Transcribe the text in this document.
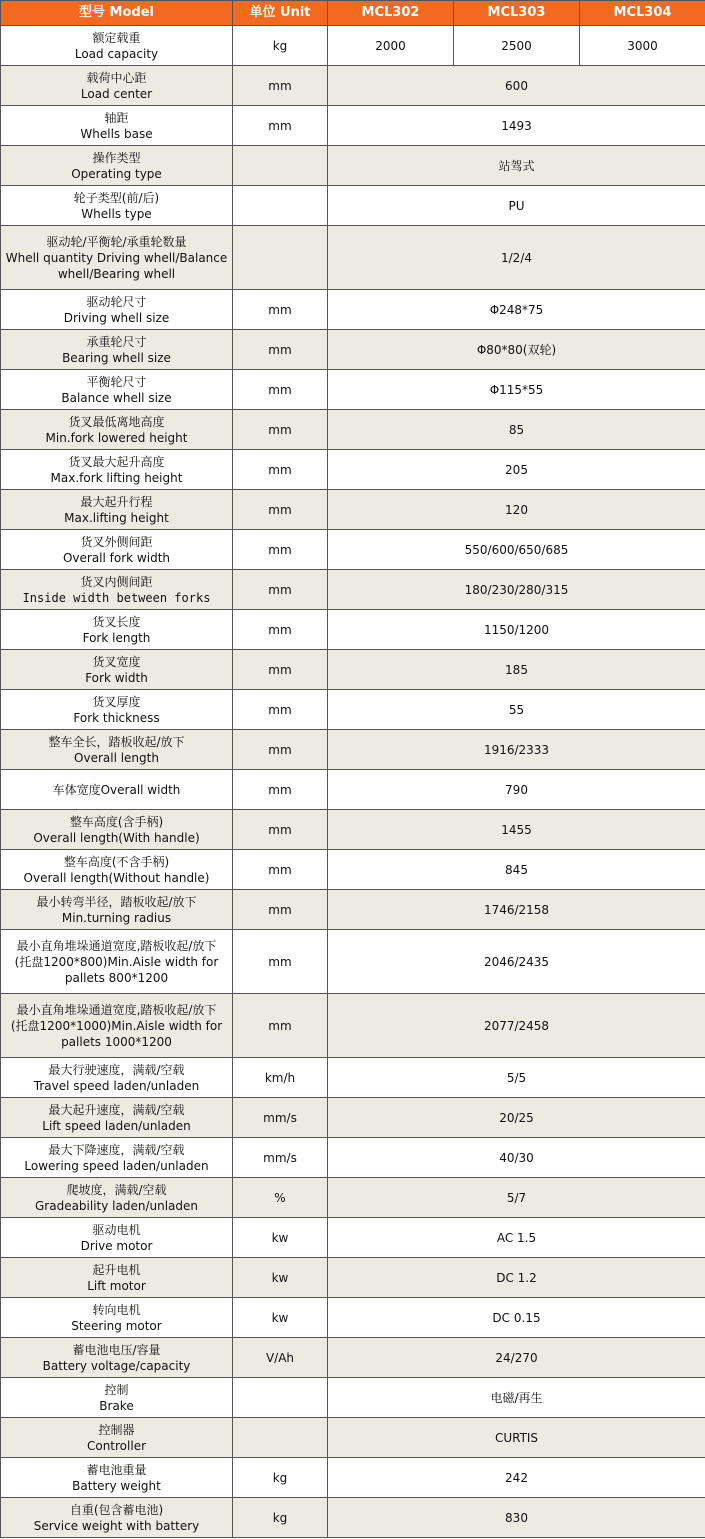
型号 Model	单位 Unit	MCL302	MCL303	MCL304

额定载重
Load capacity	kg	2000	2500	3000

载荷中心距
Load center	mm	600		

轴距
Whells base	mm	1493		

操作类型
Operating type		站驾式		

轮子类型(前/后)
Whells type		PU		

驱动轮/平衡轮/承重轮数量
Whell quantity Driving whell/Balance whell/Bearing whell		1/2/4		

驱动轮尺寸
Driving whell size	mm	Φ248*75		

承重轮尺寸
Bearing whell size	mm	Φ80*80(双轮)		

平衡轮尺寸
Balance whell size	mm	Φ115*55		

货叉最低离地高度
Min.fork lowered height	mm	85		

货叉最大起升高度
Max.fork lifting height	mm	205		

最大起升行程
Max.lifting height	mm	120		

货叉外侧间距
Overall fork width	mm	550/600/650/685		

货叉内侧间距
Inside width between forks	mm	180/230/280/315		

货叉长度
Fork length	mm	1150/1200		

货叉宽度
Fork width	mm	185		

货叉厚度
Fork thickness	mm	55		

整车全长，踏板收起/放下
Overall length	mm	1916/2333		

车体宽度Overall width	mm	790		

整车高度(含手柄)
Overall length(With handle)	mm	1455		

整车高度(不含手柄)
Overall length(Without handle)	mm	845		

最小转弯半径，踏板收起/放下
Min.turning radius	mm	1746/2158		

最小直角堆垛通道宽度,踏板收起/放下
(托盘1200*800)Min.Aisle width for pallets 800*1200	mm	2046/2435		

最小直角堆垛通道宽度,踏板收起/放下
(托盘1200*1000)Min.Aisle width for pallets 1000*1200	mm	2077/2458		

最大行驶速度，满载/空载
Travel speed laden/unladen	km/h	5/5		

最大起升速度，满载/空载
Lift speed laden/unladen	mm/s	20/25		

最大下降速度，满载/空载
Lowering speed laden/unladen	mm/s	40/30		

爬坡度，满载/空载
Gradeability laden/unladen	%	5/7		

驱动电机
Drive motor	kw	AC 1.5		

起升电机
Lift motor	kw	DC 1.2		

转向电机
Steering motor	kw	DC 0.15		

蓄电池电压/容量
Battery voltage/capacity	V/Ah	24/270		

控制
Brake		电磁/再生		

控制器
Controller		CURTIS		

蓄电池重量
Battery weight	kg	242		

自重(包含蓄电池)
Service weight with battery	kg	830		
